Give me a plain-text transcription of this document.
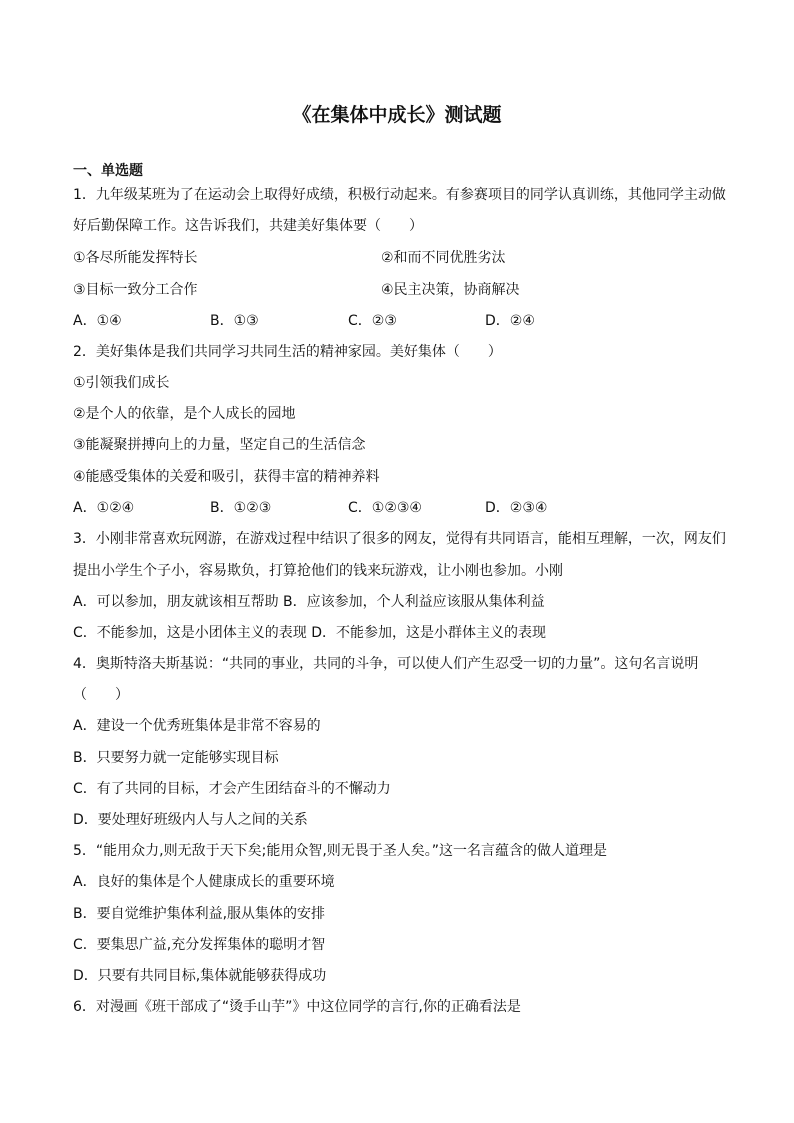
《在集体中成长》测试题
一、单选题
1．九年级某班为了在运动会上取得好成绩，积极行动起来。有参赛项目的同学认真训练，其他同学主动做
好后勤保障工作。这告诉我们，共建美好集体要（　　）
①各尽所能发挥特长	②和而不同优胜劣汰
③目标一致分工合作	④民主决策，协商解决
A．①④	B．①③	C．②③	D．②④
2．美好集体是我们共同学习共同生活的精神家园。美好集体（　　）
①引领我们成长
②是个人的依靠，是个人成长的园地
③能凝聚拼搏向上的力量，坚定自己的生活信念
④能感受集体的关爱和吸引，获得丰富的精神养料
A．①②④	B．①②③	C．①②③④	D．②③④
3．小刚非常喜欢玩网游，在游戏过程中结识了很多的网友，觉得有共同语言，能相互理解，一次，网友们
提出小学生个子小，容易欺负，打算抢他们的钱来玩游戏，让小刚也参加。小刚
A．可以参加，朋友就该相互帮助 B．应该参加，个人利益应该服从集体利益
C．不能参加，这是小团体主义的表现 D．不能参加，这是小群体主义的表现
4．奥斯特洛夫斯基说：“共同的事业，共同的斗争，可以使人们产生忍受一切的力量”。这句名言说明
（　　）
A．建设一个优秀班集体是非常不容易的
B．只要努力就一定能够实现目标
C．有了共同的目标，才会产生团结奋斗的不懈动力
D．要处理好班级内人与人之间的关系
5．“能用众力,则无敌于天下矣;能用众智,则无畏于圣人矣。”这一名言蕴含的做人道理是
A．良好的集体是个人健康成长的重要环境
B．要自觉维护集体利益,服从集体的安排
C．要集思广益,充分发挥集体的聪明才智
D．只要有共同目标,集体就能够获得成功
6．对漫画《班干部成了“烫手山芋”》中这位同学的言行,你的正确看法是
